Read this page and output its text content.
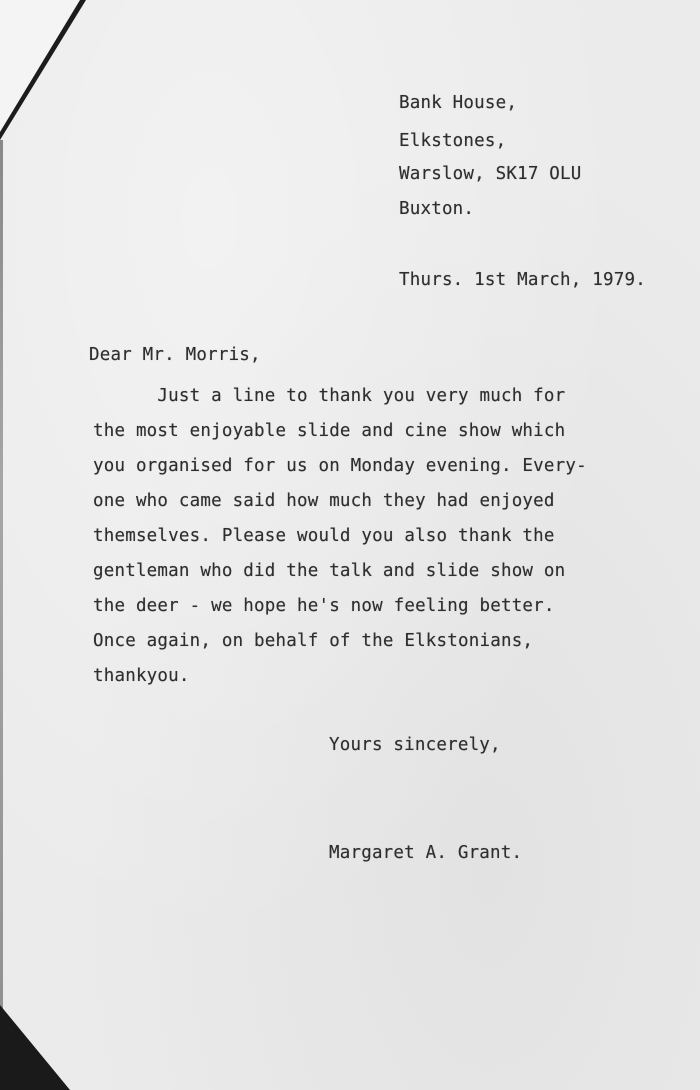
Bank House,
Elkstones,
Warslow, SK17 OLU
Buxton.
Thurs. 1st March, 1979.
Dear Mr. Morris,
Just a line to thank you very much for
the most enjoyable slide and cine show which
you organised for us on Monday evening. Every-
one who came said how much they had enjoyed
themselves. Please would you also thank the
gentleman who did the talk and slide show on
the deer - we hope he's now feeling better.
Once again, on behalf of the Elkstonians,
thankyou.
Yours sincerely,
Margaret A. Grant.
